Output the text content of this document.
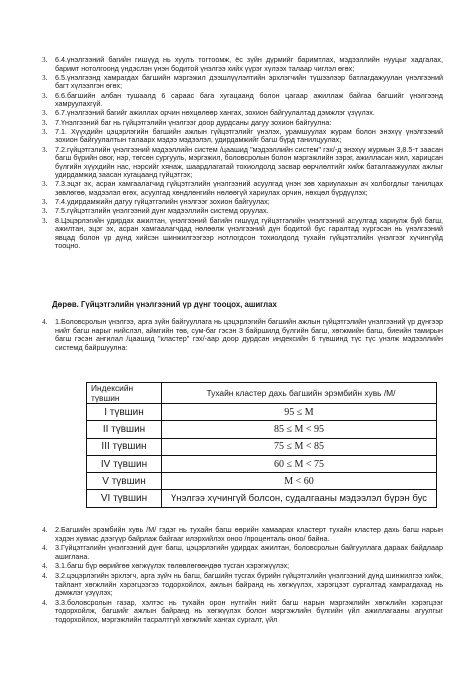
3. 6.4.үнэлгээний багийн гишүүд нь хуулъ тогтоомж, ёс зүйн дүрмийг баримтлах, мэдээллийн нууцыг хадгалах, баримт нотолгоонд үндэслэн үнэн бодитой үнэлгээ хийх үүрэг хүлээх талаар чиглэл өгөх;
3. 6.5.үнэлгээнд хамрагдах багшийн мэргэжил дээшлүүлэлтийн эрхлэгчийн түшээлээр батлагдажуулан үнэлгээний багт хүлээлгэн өгөх;
3. 6.6.багшийн албан тушаалд 6 сараас бага хугацаанд болон цагаар ажиллаж байгаа багшийг үнэлгээнд хамруулахгүй.
3. 6.7.үнэлгээний багийг ажиллах орчин нөхцөлөөр хангах, зохион байгуулалтад дэмжлэг үзүүлэх.
3. 7.Үнэлгээний баг нь гүйцэтгэлийн үнэлгээг доор дурдсаны дагуу зохион байгуулна:
3. 7.1. Хүүхдийн цэцэрлэгийн багшийн ажлын гүйцэтгэлийг үнэлэх, урамшуулах журам болон энэхүү үнэлгээний зохион байгуулалтын талаарх мэдээ мэдээлэл, удирдамжийг багш бүрд танилцуулах;
3. 7.2.гүйцэтгэлийн үнэлгээний мэдээллийн систем /цаашид "мэдээллийн систем" гэх/-д энэхүү журмын 3,8.5-т заасан багш бүрийн овог, нэр, төгсөн сургууль, мэргэжил, боловсролын болон мэргэжлийн зэрэг, ажилласан жил, харицсан бүлгийн хүүхдийн нас, нэрсийг хянаж, шаардлагатай тохиолдолд засвар өөрчлөлтийг хийж баталгаажуулах ажлыг удирдамжид заасан хугацаанд гүйцэтгэх;
3. 7.3.эцэг эх, асран хамгаалагчид гүйцэтгэлийн үнэлгээний асуулгад үнэн зөв хариулахын ач холбогдлыг танилцах зөвлөгөө, мэдээлэл өгөх, асуулгад хөндлөнгийн нөлөөгүй хариулах орчин, нөхцөл бүрдүүлэх;
3. 7.4.удирдамжийн дагуу гүйцэтгэлийн үнэлгээг зохион байгуулах;
3. 7.5.гүйцэтгэлийн үнэлгээний дүнг мэдээллийн системд оруулах.
3. 8.Цэцэрлэгийн удирдах ажилтан, үнэлгээний багийн гишүүд гүйцэтгэлийн үнэлгээний асуулгад хариулж буй багш, ажилтан, эцэг эх, асран хамгаалагчдад нөлөөлж үнэлгээний дүн бодитой бус гаралтад хүргэсэн нь үнэлгээний явцад болон үр дүнд хийсэн шинжилгээгээр нотлогдсон тохиолдолд тухайн гүйцэтгэлийн үнэлгээг хүчингүйд тооцно.
Дөрөв. Гүйцэтгэлийн үнэлгээний үр дүнг тооцох, ашиглах
4. 1.Боловсролын үнэлгээ, арга зүйн байгууллага нь цэцэрлэгийн багшийн ажлын гүйцэтгэлийн үнэлгээний үр дүнгээр нийт багш нарыг нийслэл, аймгийн төв, сум-баг гэсэн 3 байршилд бүлгийн багш, хөгжмийн багш, биеийн тамирын багш гэсэн ангилал /цаашид "кластер" гэх/-аар доор дурдсан индексийн 6 түвшинд түс түс үнэлж мэдээллийн системд байршуулна:
Индексийн түвшин	Тухайн кластер дахь багшийн эрэмбийн хувь /M/
I түвшин	95 ≤ M
II түвшин	85 ≤ M < 95
III түвшин	75 ≤ M < 85
IV түвшин	60 ≤ M < 75
V түвшин	M < 60
VI түвшин	Үнэлгээ хүчингүй болсон, судалгааны мэдээлэл бүрэн бус
4. 2.Багшийн эрэмбийн хувь /M/ гэдэг нь тухайн багш өөрийн хамаарах кластерт тухайн кластер дахь багш нарын хэдэн хувиас дээгүүр байрлаж байгааг илэрхийлэх оноо /проценталь оноо/ байна.
4. 3.Гүйцэтгэлийн үнэлгээний дүнг багш, цэцэрлэгийн удирдах ажилтан, боловсролын байгууллага дараах байдлаар ашиглана.
4. 3.1.багш бүр өөрийгөө хөгжүүлэх төлөвлөгөөндөө тусган хэрэгжүүлэх;
4. 3.2.цэцэрлэгийн эрхлэгч, арга зүйч нь багш, багшийн тусгах бүрийн гүйцэтгэлийн үнэлгээний дүнд шинжилгээ хийж, тайлант хөгжлийн хэрэгцээгээ тодорхойлох, ажлын байранд нь хөгжүүлэх, хэрэгцээт сургалтад хамрагдахад нь дэмжлэг үзүүлэх;
4. 3.3.боловсролын газар, хэлтэс нь тухайн орон нутгийн нийт багш нарын мэргэжлийн хөгжлийн хэрэгцээг тодорхойлж, багшийг ажлын байранд нь хөгжүүлэх болон мэргэжлийн бүлгийн үйл ажиллагааны агуулгыг тодорхойлох, мэргэжлийн тасралтгүй хөгжлийг хангах сургалт, үйл
